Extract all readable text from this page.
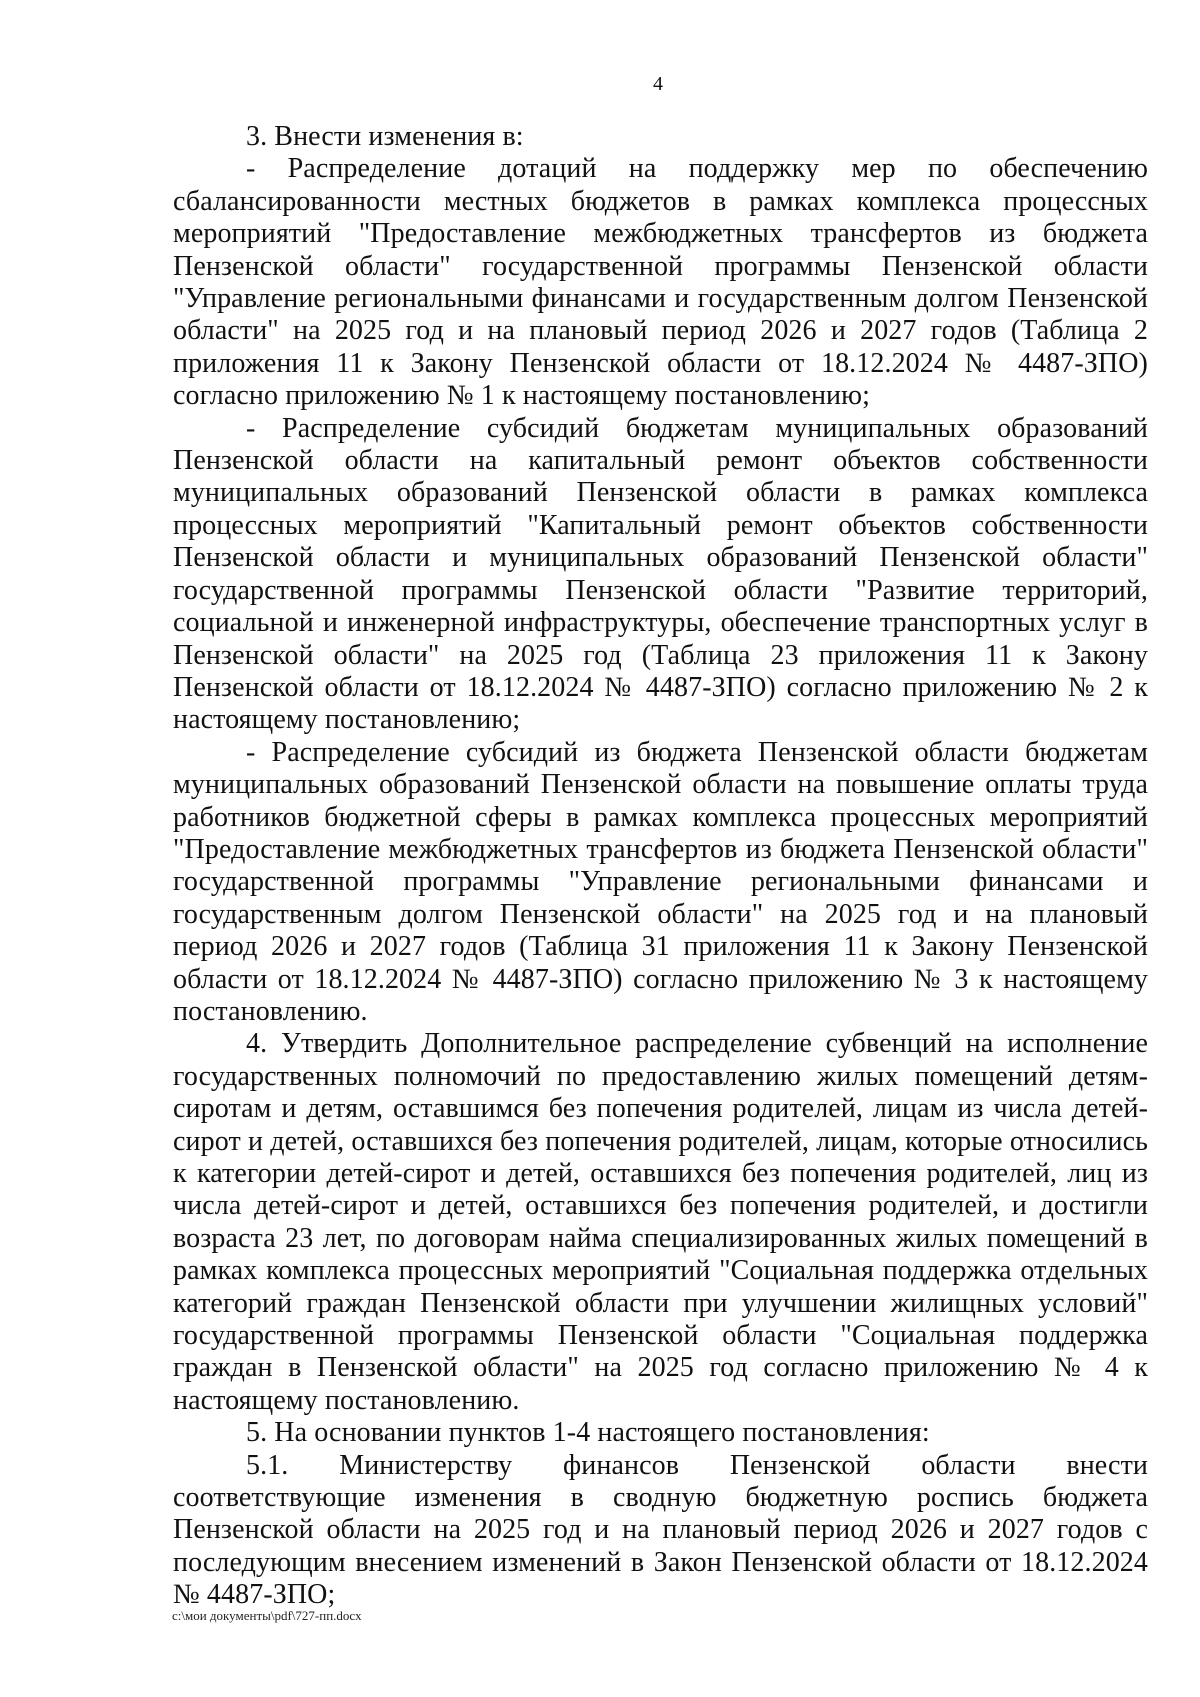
4

3. Внести изменения в:

- Распределение дотаций на поддержку мер по обеспечению сбалансированности местных бюджетов в рамках комплекса процессных мероприятий "Предоставление межбюджетных трансфертов из бюджета Пензенской области" государственной программы Пензенской области "Управление региональными финансами и государственным долгом Пензенской области" на 2025 год и на плановый период 2026 и 2027 годов (Таблица 2 приложения 11 к Закону Пензенской области от 18.12.2024 № 4487-ЗПО) согласно приложению № 1 к настоящему постановлению;

- Распределение субсидий бюджетам муниципальных образований Пензенской области на капитальный ремонт объектов собственности муниципальных образований Пензенской области в рамках комплекса процессных мероприятий "Капитальный ремонт объектов собственности Пензенской области и муниципальных образований Пензенской области" государственной программы Пензенской области "Развитие территорий, социальной и инженерной инфраструктуры, обеспечение транспортных услуг в Пензенской области" на 2025 год (Таблица 23 приложения 11 к Закону Пензенской области от 18.12.2024 № 4487-ЗПО) согласно приложению № 2 к настоящему постановлению;

- Распределение субсидий из бюджета Пензенской области бюджетам муниципальных образований Пензенской области на повышение оплаты труда работников бюджетной сферы в рамках комплекса процессных мероприятий "Предоставление межбюджетных трансфертов из бюджета Пензенской области" государственной программы "Управление региональными финансами и государственным долгом Пензенской области" на 2025 год и на плановый период 2026 и 2027 годов (Таблица 31 приложения 11 к Закону Пензенской области от 18.12.2024 № 4487-ЗПО) согласно приложению № 3 к настоящему постановлению.

4. Утвердить Дополнительное распределение субвенций на исполнение государственных полномочий по предоставлению жилых помещений детям-сиротам и детям, оставшимся без попечения родителей, лицам из числа детей-сирот и детей, оставшихся без попечения родителей, лицам, которые относились к категории детей-сирот и детей, оставшихся без попечения родителей, лиц из числа детей-сирот и детей, оставшихся без попечения родителей, и достигли возраста 23 лет, по договорам найма специализированных жилых помещений в рамках комплекса процессных мероприятий "Социальная поддержка отдельных категорий граждан Пензенской области при улучшении жилищных условий" государственной программы Пензенской области "Социальная поддержка граждан в Пензенской области" на 2025 год согласно приложению № 4 к настоящему постановлению.

5. На основании пунктов 1-4 настоящего постановления:

5.1. Министерству финансов Пензенской области внести соответствующие изменения в сводную бюджетную роспись бюджета Пензенской области на 2025 год и на плановый период 2026 и 2027 годов с последующим внесением изменений в Закон Пензенской области от 18.12.2024 № 4487-ЗПО;

c:\мои документы\pdf\727-пп.docx
